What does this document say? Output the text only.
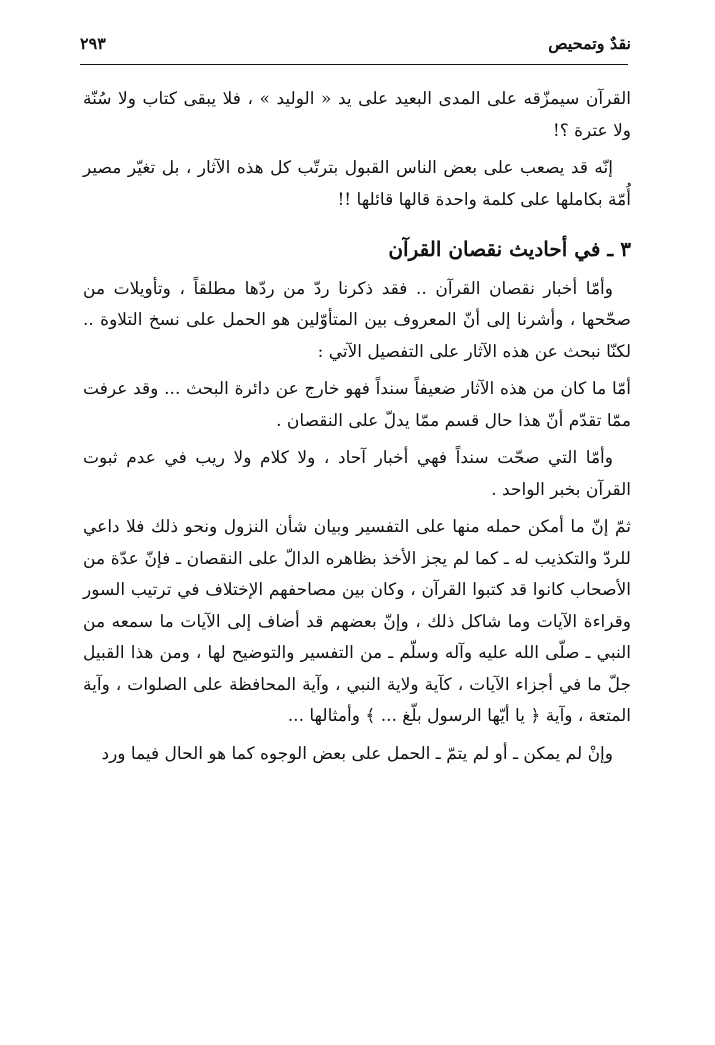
نقدٌ وتمحيص
٢٩٣

القرآن سيمزّقه على المدى البعيد على يد « الوليد » ، فلا يبقى كتاب ولا سُنّة ولا عترة ؟!

إنّه قد يصعب على بعض الناس القبول بترتّب كل هذه الآثار ، بل تغيّر مصير أُمّة بكاملها على كلمة واحدة قالها قائلها !!

٣ ـ في أحاديث نقصان القرآن

وأمّا أخبار نقصان القرآن .. فقد ذكرنا ردّ من ردّها مطلقاً ، وتأويلات من صحّحها ، وأشرنا إلى أنّ المعروف بين المتأوّلين هو الحمل على نسخ التلاوة .. لكنّا نبحث عن هذه الآثار على التفصيل الآتي :

أمّا ما كان من هذه الآثار ضعيفاً سنداً فهو خارج عن دائرة البحث ... وقد عرفت ممّا تقدّم أنّ هذا حال قسم ممّا يدلّ على النقصان .

وأمّا التي صحّت سنداً فهي أخبار آحاد ، ولا كلام ولا ريب في عدم ثبوت القرآن بخبر الواحد .

ثمّ إنّ ما أمكن حمله منها على التفسير وبيان شأن النزول ونحو ذلك فلا داعي للردّ والتكذيب له ـ كما لم يجز الأخذ بظاهره الدالّ على النقصان ـ فإنّ عدّة من الأصحاب كانوا قد كتبوا القرآن ، وكان بين مصاحفهم الإختلاف في ترتيب السور وقراءة الآيات وما شاكل ذلك ، وإنّ بعضهم قد أضاف إلى الآيات ما سمعه من النبي ـ صلّى الله عليه وآله وسلّم ـ من التفسير والتوضيح لها ، ومن هذا القبيل جلّ ما في أجزاء الآيات ، كآية ولاية النبي ، وآية المحافظة على الصلوات ، وآية المتعة ، وآية ﴿ يا أيّها الرسول بلّغ ... ﴾ وأمثالها ...

وإنْ لم يمكن ـ أو لم يتمّ ـ الحمل على بعض الوجوه كما هو الحال فيما ورد
